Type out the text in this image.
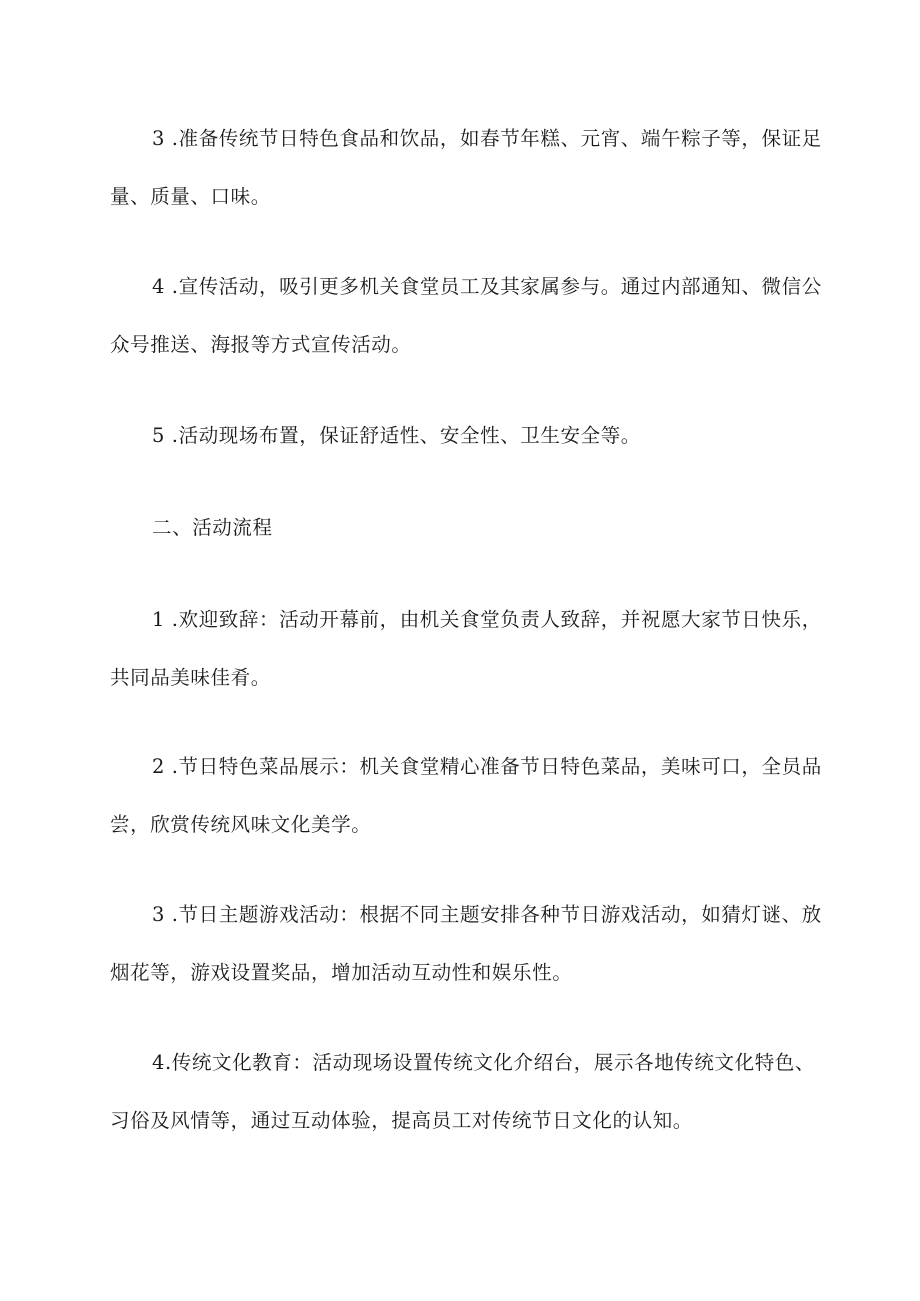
3 .准备传统节日特色食品和饮品，如春节年糕、元宵、端午粽子等，保证足量、质量、口味。

4 .宣传活动，吸引更多机关食堂员工及其家属参与。通过内部通知、微信公众号推送、海报等方式宣传活动。

5 .活动现场布置，保证舒适性、安全性、卫生安全等。

二、活动流程

1 .欢迎致辞：活动开幕前，由机关食堂负责人致辞，并祝愿大家节日快乐，共同品美味佳肴。

2 .节日特色菜品展示：机关食堂精心准备节日特色菜品，美味可口，全员品尝，欣赏传统风味文化美学。

3 .节日主题游戏活动：根据不同主题安排各种节日游戏活动，如猜灯谜、放烟花等，游戏设置奖品，增加活动互动性和娱乐性。

4.传统文化教育：活动现场设置传统文化介绍台，展示各地传统文化特色、习俗及风情等，通过互动体验，提高员工对传统节日文化的认知。
